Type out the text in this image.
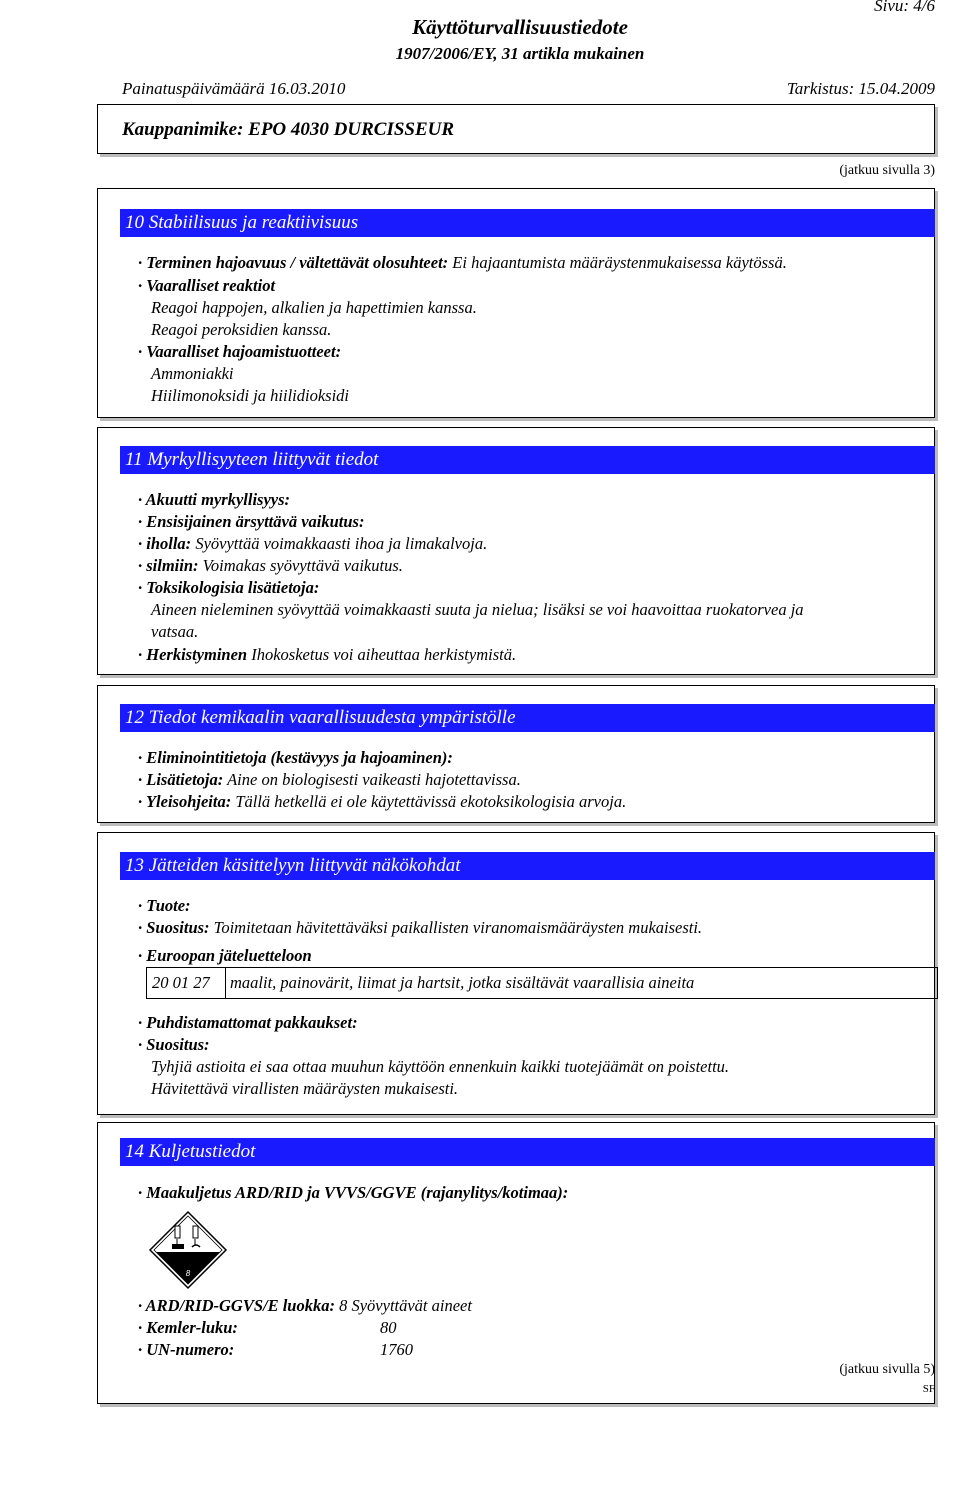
Sivu: 4/6
Käyttöturvallisuustiedote
1907/2006/EY, 31 artikla mukainen
Painatuspäivämäärä 16.03.2010	Tarkistus: 15.04.2009
Kauppanimike: EPO 4030 DURCISSEUR
(jatkuu sivulla 3)
10 Stabiilisuus ja reaktiivisuus
· Terminen hajoavuus / vältettävät olosuhteet: Ei hajaantumista määräystenmukaisessa käytössä.
· Vaaralliset reaktiot
Reagoi happojen, alkalien ja hapettimien kanssa.
Reagoi peroksidien kanssa.
· Vaaralliset hajoamistuotteet:
Ammoniakki
Hiilimonoksidi ja hiilidioksidi
11 Myrkyllisyyteen liittyvät tiedot
· Akuutti myrkyllisyys:
· Ensisijainen ärsyttävä vaikutus:
· iholla: Syövyttää voimakkaasti ihoa ja limakalvoja.
· silmiin: Voimakas syövyttävä vaikutus.
· Toksikologisia lisätietoja:
Aineen nieleminen syövyttää voimakkaasti suuta ja nielua; lisäksi se voi haavoittaa ruokatorvea ja
vatsaa.
· Herkistyminen Ihokosketus voi aiheuttaa herkistymistä.
12 Tiedot kemikaalin vaarallisuudesta ympäristölle
· Eliminointitietoja (kestävyys ja hajoaminen):
· Lisätietoja: Aine on biologisesti vaikeasti hajotettavissa.
· Yleisohjeita: Tällä hetkellä ei ole käytettävissä ekotoksikologisia arvoja.
13 Jätteiden käsittelyyn liittyvät näkökohdat
· Tuote:
· Suositus: Toimitetaan hävitettäväksi paikallisten viranomaismääräysten mukaisesti.
· Euroopan jäteluetteloon
20 01 27 maalit, painovärit, liimat ja hartsit, jotka sisältävät vaarallisia aineita
· Puhdistamattomat pakkaukset:
· Suositus:
Tyhjiä astioita ei saa ottaa muuhun käyttöön ennenkuin kaikki tuotejäämät on poistettu.
Hävitettävä virallisten määräysten mukaisesti.
14 Kuljetustiedot
· Maakuljetus ARD/RID ja VVVS/GGVE (rajanylitys/kotimaa):
8
· ARD/RID-GGVS/E luokka: 8 Syövyttävät aineet
· Kemler-luku:	80
· UN-numero:	1760
(jatkuu sivulla 5)
SF
